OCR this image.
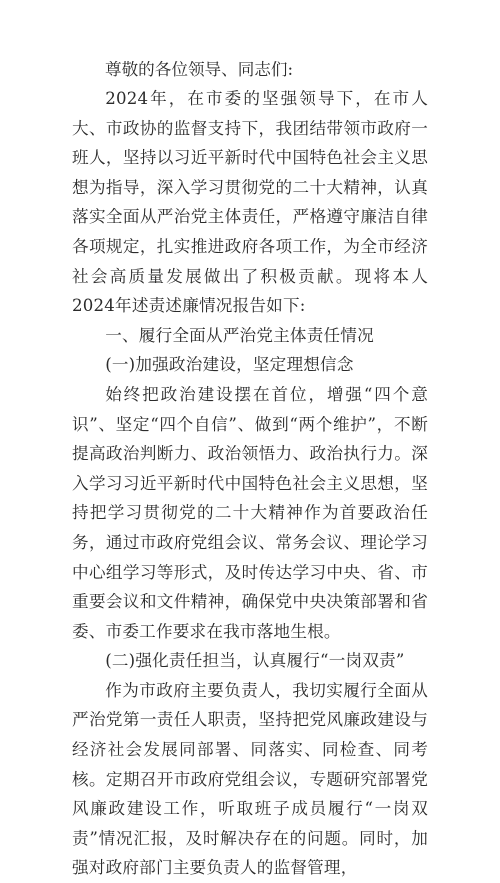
尊敬的各位领导、同志们:

2024年，在市委的坚强领导下，在市人大、市政协的监督支持下，我团结带领市政府一班人，坚持以习近平新时代中国特色社会主义思想为指导，深入学习贯彻党的二十大精神，认真落实全面从严治党主体责任，严格遵守廉洁自律各项规定，扎实推进政府各项工作，为全市经济社会高质量发展做出了积极贡献。现将本人2024年述责述廉情况报告如下:

一、履行全面从严治党主体责任情况

(一)加强政治建设，坚定理想信念

始终把政治建设摆在首位，增强“四个意识”、坚定“四个自信”、做到“两个维护”，不断提高政治判断力、政治领悟力、政治执行力。深入学习习近平新时代中国特色社会主义思想，坚持把学习贯彻党的二十大精神作为首要政治任务，通过市政府党组会议、常务会议、理论学习中心组学习等形式，及时传达学习中央、省、市重要会议和文件精神，确保党中央决策部署和省委、市委工作要求在我市落地生根。

(二)强化责任担当，认真履行“一岗双责”

作为市政府主要负责人，我切实履行全面从严治党第一责任人职责，坚持把党风廉政建设与经济社会发展同部署、同落实、同检查、同考核。定期召开市政府党组会议，专题研究部署党风廉政建设工作，听取班子成员履行“一岗双责”情况汇报，及时解决存在的问题。同时，加强对政府部门主要负责人的监督管理，
